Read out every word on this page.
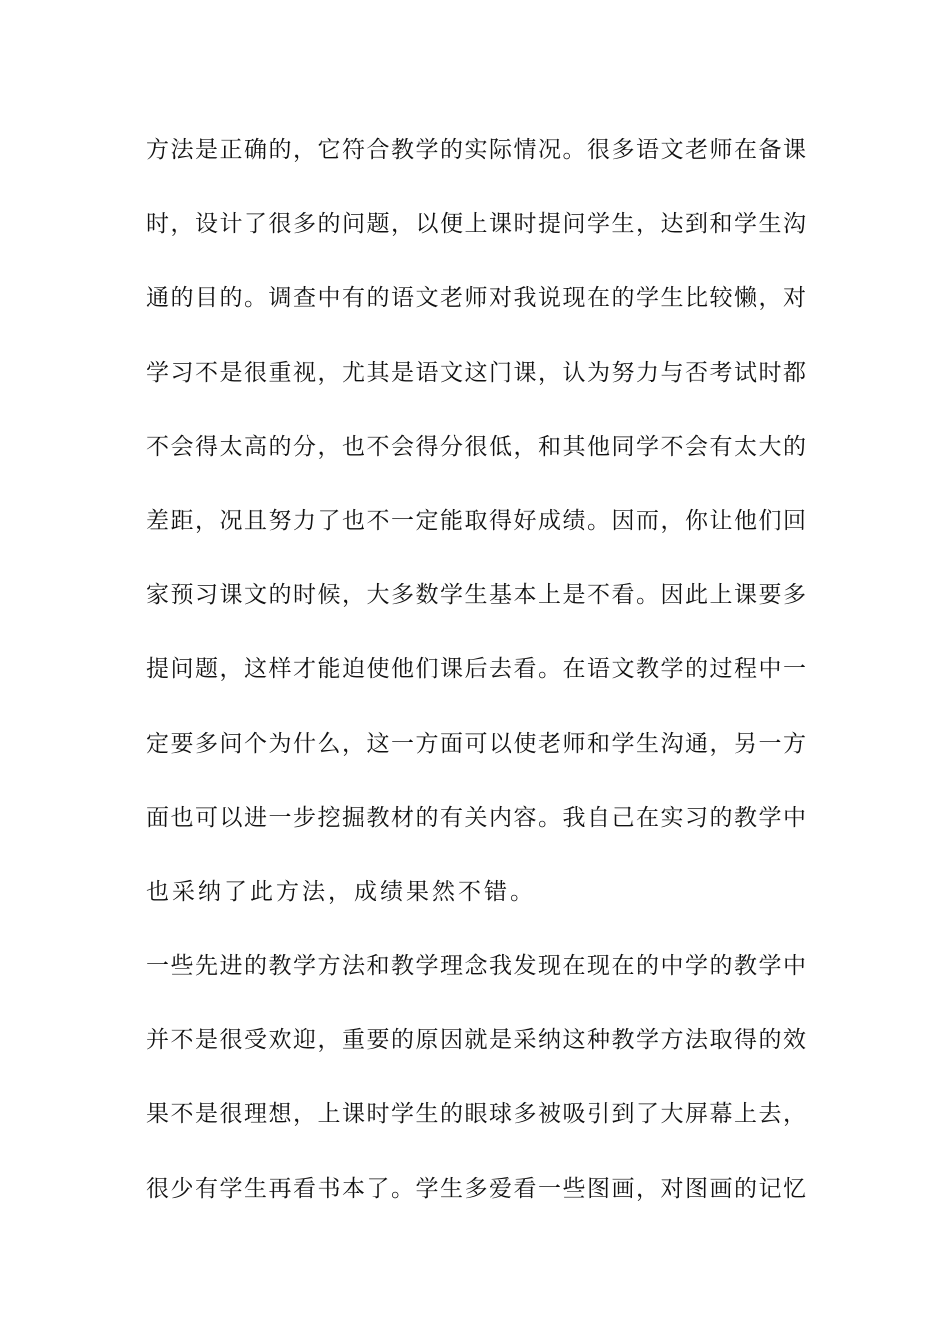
方法是正确的，它符合教学的实际情况。很多语文老师在备课
时，设计了很多的问题，以便上课时提问学生，达到和学生沟
通的目的。调查中有的语文老师对我说现在的学生比较懒，对
学习不是很重视，尤其是语文这门课，认为努力与否考试时都
不会得太高的分，也不会得分很低，和其他同学不会有太大的
差距，况且努力了也不一定能取得好成绩。因而，你让他们回
家预习课文的时候，大多数学生基本上是不看。因此上课要多
提问题，这样才能迫使他们课后去看。在语文教学的过程中一
定要多问个为什么，这一方面可以使老师和学生沟通，另一方
面也可以进一步挖掘教材的有关内容。我自己在实习的教学中
也采纳了此方法，成绩果然不错。
一些先进的教学方法和教学理念我发现在现在的中学的教学中
并不是很受欢迎，重要的原因就是采纳这种教学方法取得的效
果不是很理想，上课时学生的眼球多被吸引到了大屏幕上去，
很少有学生再看书本了。学生多爱看一些图画，对图画的记忆
